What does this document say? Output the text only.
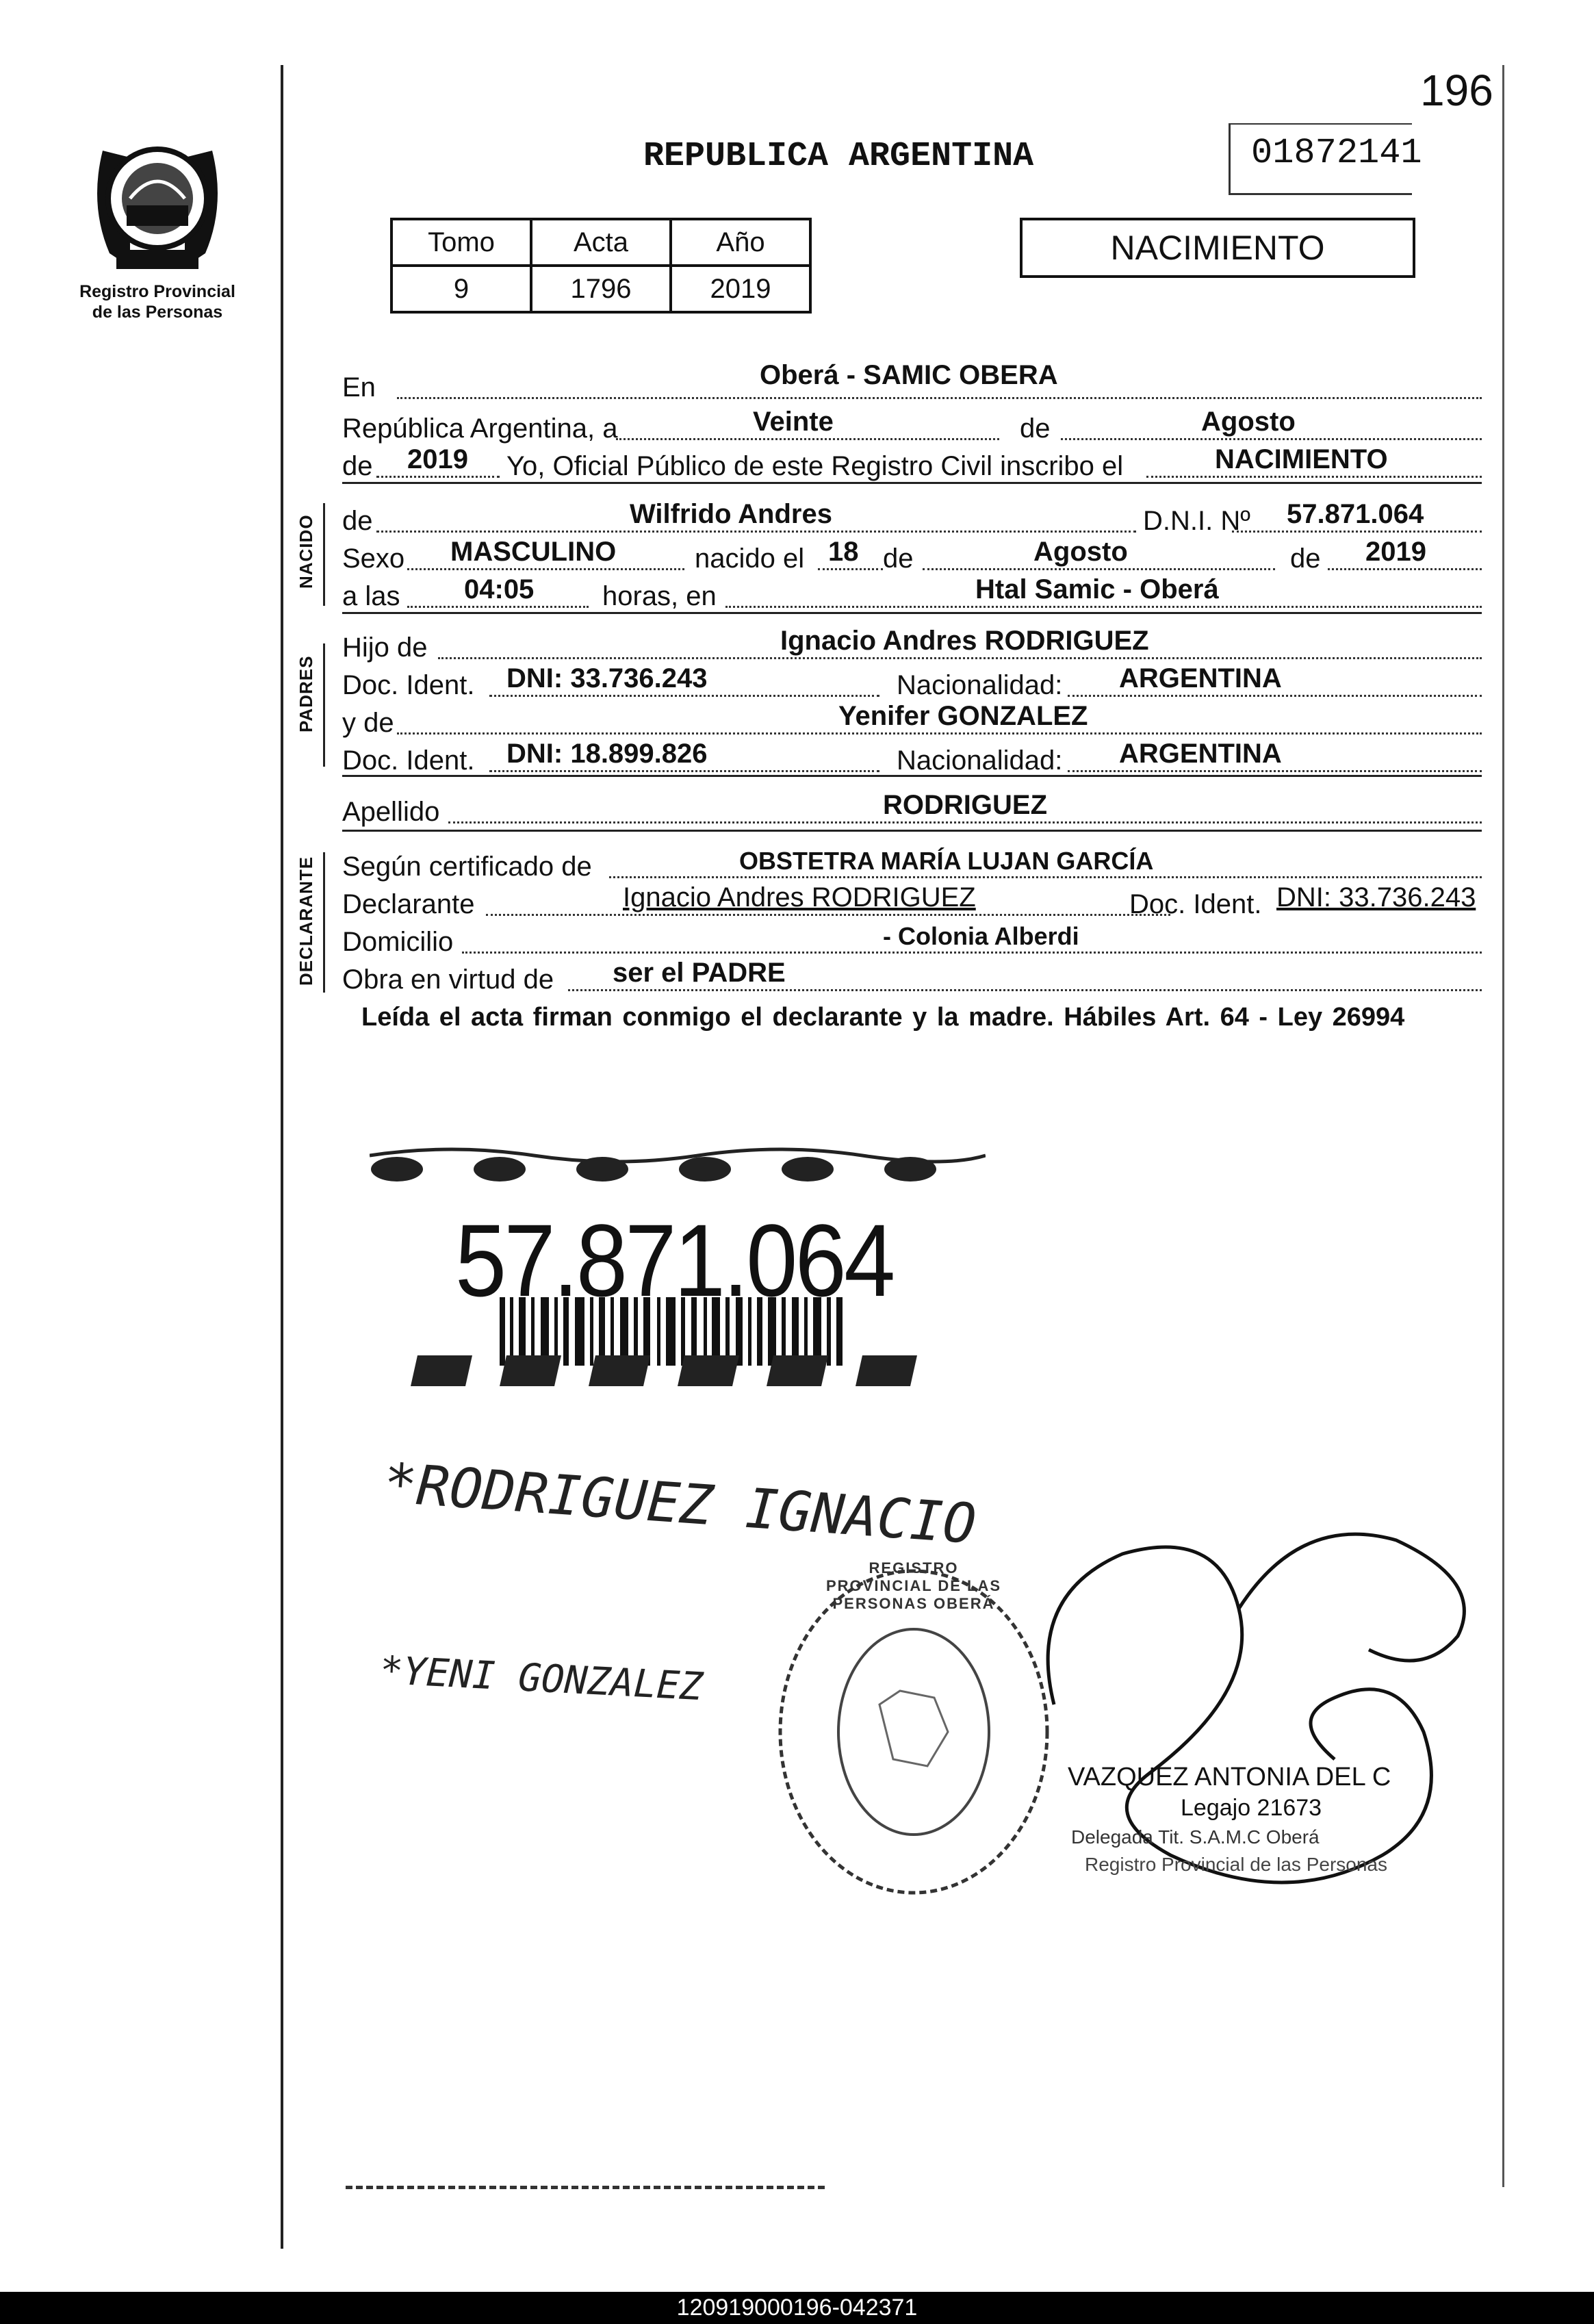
196
Registro Provincial
de las Personas
REPUBLICA ARGENTINA	01872141
Tomo	Acta	Año
9	1796	2019
NACIMIENTO
NACIDO
PADRES
DECLARANTE
En	Oberá - SAMIC OBERA
República Argentina, a	Veinte	de	Agosto
de 2019 Yo, Oficial Público de este Registro Civil inscribo el	NACIMIENTO
de	Wilfrido Andres	D.N.I. Nº 57.871.064
Sexo MASCULINO	nacido el 18 de	Agosto	de 2019
a las 04:05 horas, en	Htal Samic - Oberá
Hijo de	Ignacio Andres RODRIGUEZ
Doc. Ident. DNI: 33.736.243	Nacionalidad: ARGENTINA
y de	Yenifer GONZALEZ
Doc. Ident. DNI: 18.899.826	Nacionalidad: ARGENTINA
Apellido	RODRIGUEZ
Según certificado de	OBSTETRA MARÍA LUJAN GARCÍA
Declarante	Ignacio Andres RODRIGUEZ	Doc. Ident. DNI: 33.736.243
Domicilio	- Colonia Alberdi
Obra en virtud de ser el PADRE
Leída el acta firman conmigo el declarante y la madre. Hábiles Art. 64 - Ley 26994
57.871.064
*RODRIGUEZ IGNACIO
*YENI GONZALEZ
REGISTRO PROVINCIAL DE LAS PERSONAS OBERÁ
VAZQUEZ ANTONIA DEL C
Legajo 21673
Delegada Tit. S.A.M.C Oberá
Registro Provincial de las Personas
120919000196-042371
